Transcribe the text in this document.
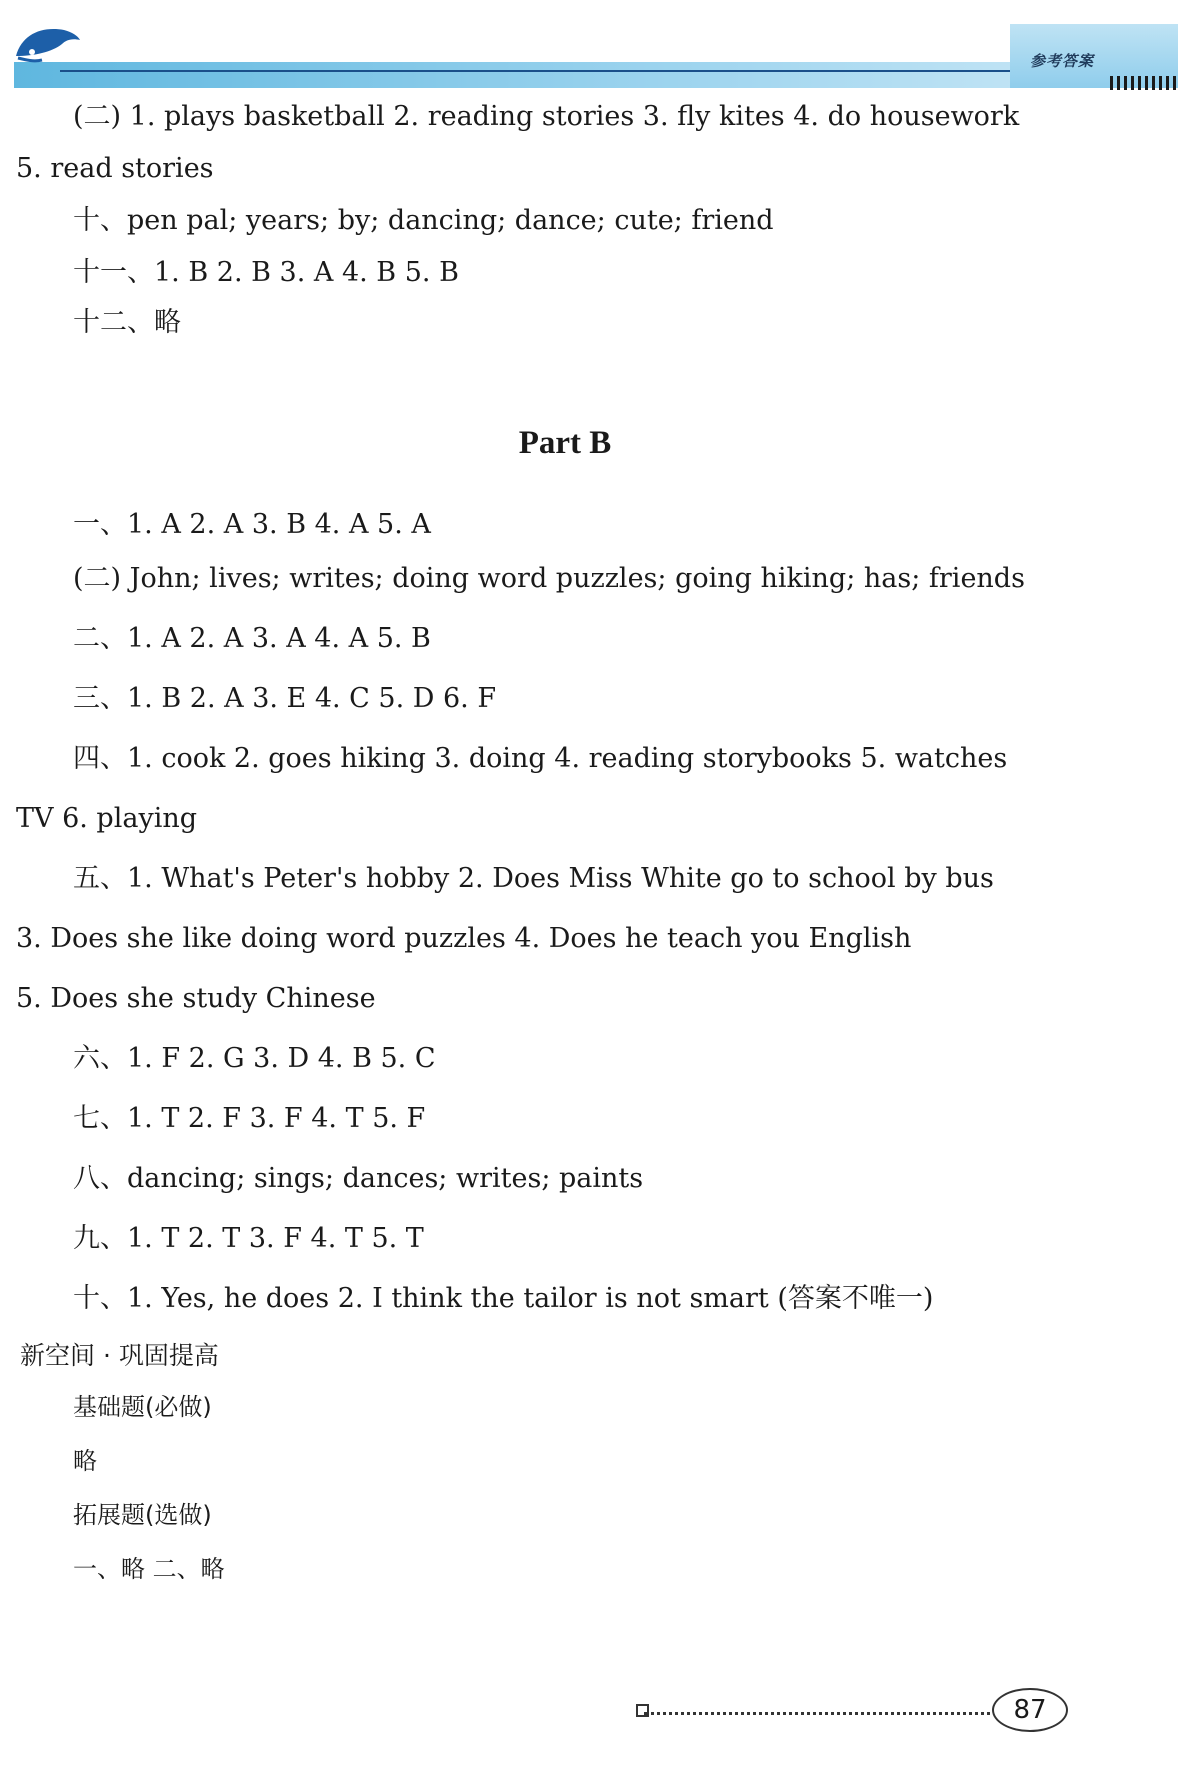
参考答案
(二) 1. plays basketball 2. reading stories 3. fly kites 4. do housework
5. read stories
十、pen pal; years; by; dancing; dance; cute; friend
十一、1. B 2. B 3. A 4. B 5. B
十二、略
Part B
一、1. A 2. A 3. B 4. A 5. A
(二) John; lives; writes; doing word puzzles; going hiking; has; friends
二、1. A 2. A 3. A 4. A 5. B
三、1. B 2. A 3. E 4. C 5. D 6. F
四、1. cook 2. goes hiking 3. doing 4. reading storybooks 5. watches
TV 6. playing
五、1. What's Peter's hobby 2. Does Miss White go to school by bus
3. Does she like doing word puzzles 4. Does he teach you English
5. Does she study Chinese
六、1. F 2. G 3. D 4. B 5. C
七、1. T 2. F 3. F 4. T 5. F
八、dancing; sings; dances; writes; paints
九、1. T 2. T 3. F 4. T 5. T
十、1. Yes, he does 2. I think the tailor is not smart (答案不唯一)
新空间 · 巩固提高
基础题(必做)
略
拓展题(选做)
一、略 二、略
87
